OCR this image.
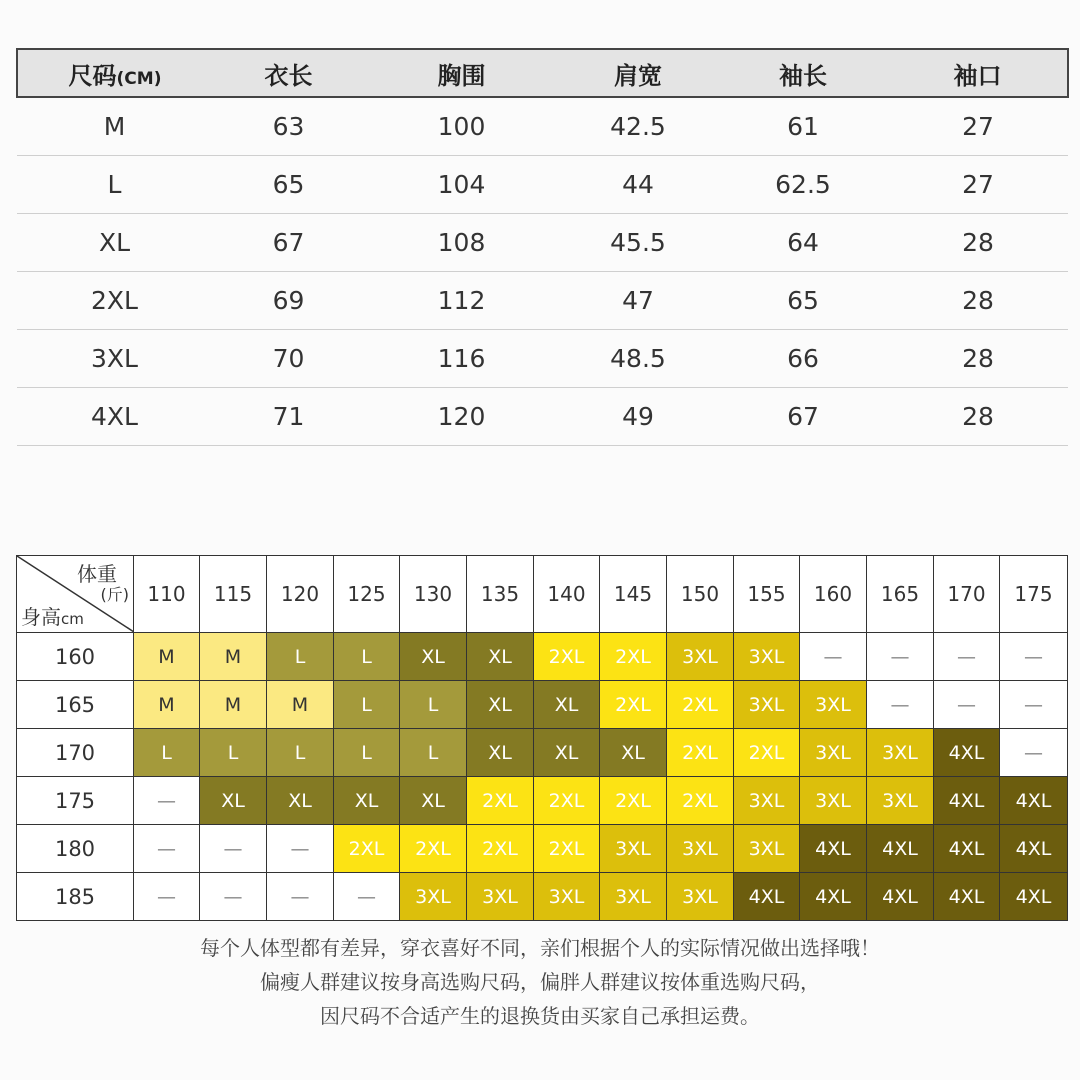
尺码(CM)	衣长	胸围	肩宽	袖长	袖口
M	63	100	42.5	61	27
L	65	104	44	62.5	27
XL	67	108	45.5	64	28
2XL	69	112	47	65	28
3XL	70	116	48.5	66	28
4XL	71	120	49	67	28
体重
(斤)
身高cm	110	115	120	125	130	135	140	145	150	155	160	165	170	175
160	M	M	L	L	XL	XL	2XL	2XL	3XL	3XL	—	—	—	—
165	M	M	M	L	L	XL	XL	2XL	2XL	3XL	3XL	—	—	—
170	L	L	L	L	L	XL	XL	XL	2XL	2XL	3XL	3XL	4XL	—
175	—	XL	XL	XL	XL	2XL	2XL	2XL	2XL	3XL	3XL	3XL	4XL	4XL
180	—	—	—	2XL	2XL	2XL	2XL	3XL	3XL	3XL	4XL	4XL	4XL	4XL
185	—	—	—	—	3XL	3XL	3XL	3XL	3XL	4XL	4XL	4XL	4XL	4XL
每个人体型都有差异，穿衣喜好不同，亲们根据个人的实际情况做出选择哦！
偏瘦人群建议按身高选购尺码，偏胖人群建议按体重选购尺码，
因尺码不合适产生的退换货由买家自己承担运费。
